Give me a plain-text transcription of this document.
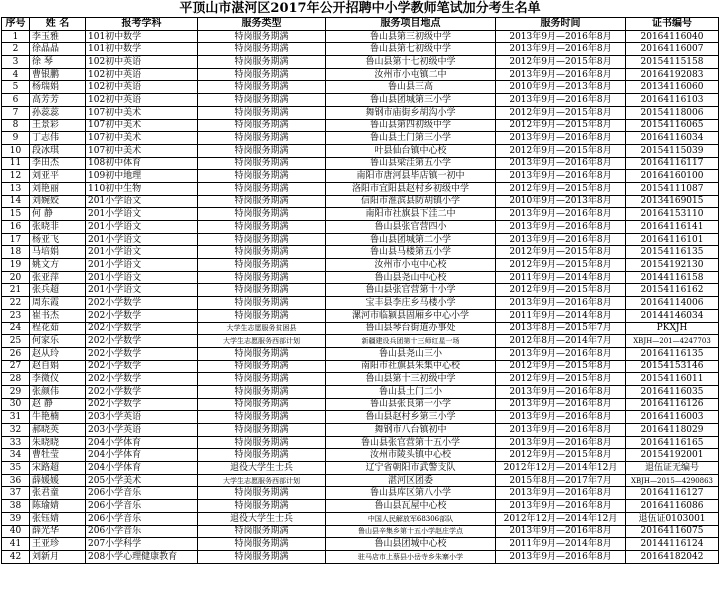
平顶山市湛河区2017年公开招聘中小学教师笔试加分考生名单
序号	姓 名	报考学科	服务类型	服务项目地点	服务时间	证书编号
1	李玉雅	101初中数学	特岗服务期满	鲁山县第三初级中学	2013年9月—2016年8月	20164116040
2	徐晶晶	101初中数学	特岗服务期满	鲁山县第七初级中学	2013年9月—2016年8月	20164116007
3	徐 琴	102初中英语	特岗服务期满	鲁山县第十七初级中学	2012年9月—2015年8月	20154115158
4	曹银鹏	102初中英语	特岗服务期满	汝州市小屯镇二中	2013年9月—2016年8月	20164192083
5	杨瑞娟	102初中英语	特岗服务期满	鲁山县三高	2010年9月—2013年8月	20134116060
6	高芳芳	102初中英语	特岗服务期满	鲁山县团城第三小学	2013年9月—2016年8月	20164116103
7	孙蕊蕊	107初中美术	特岗服务期满	舞钢市庙街乡胡沟小学	2012年9月—2015年8月	20154118006
8	王景彩	107初中美术	特岗服务期满	鲁山县第四初级中学	2012年9月—2015年8月	20154116065
9	丁志伟	107初中美术	特岗服务期满	鲁山县土门第三小学	2013年9月—2016年8月	20164116034
10	段冰琪	107初中美术	特岗服务期满	叶县仙台镇中心校	2012年9月—2015年8月	20154115039
11	李田杰	108初中体育	特岗服务期满	鲁山县梁洼第五小学	2013年9月—2016年8月	20164116117
12	刘亚平	109初中地理	特岗服务期满	南阳市唐河县毕店镇一初中	2013年9月—2016年8月	20164160100
13	刘艳丽	110初中生物	特岗服务期满	洛阳市宜阳县赵村乡初级中学	2012年9月—2015年8月	20154111087
14	刘婉姣	201小学语文	特岗服务期满	信阳市淮滨县防胡镇小学	2010年9月—2013年8月	20134169015
15	何 静	201小学语文	特岗服务期满	南阳市社旗县下洼二中	2013年9月—2016年8月	20164153110
16	张晓非	201小学语文	特岗服务期满	鲁山县张官营四小	2013年9月—2016年8月	20164116141
17	杨亚飞	201小学语文	特岗服务期满	鲁山县团城第二小学	2013年9月—2016年8月	20164116101
18	马培娟	201小学语文	特岗服务期满	鲁山县马楼第五小学	2012年9月—2015年8月	20154116135
19	姚文方	201小学语文	特岗服务期满	汝州市小屯中心校	2012年9月—2015年8月	20154192130
20	张亚萍	201小学语文	特岗服务期满	鲁山县尧山中心校	2011年9月—2014年8月	20144116158
21	张兵超	201小学语文	特岗服务期满	鲁山县张官营第十小学	2012年9月—2015年8月	20154116162
22	周东霞	202小学数学	特岗服务期满	宝丰县李庄乡马楼小学	2013年9月—2016年8月	20164114006
23	崔书杰	202小学数学	特岗服务期满	漯河市临颍县固厢乡中心小学	2011年9月—2014年8月	20144146034
24	程花茹	202小学数学	大学生志愿服务贫困县	鲁山县琴台街道办事处	2013年8月—2015年7月	PKXJH
25	何家乐	202小学数学	大学生志愿服务西部计划	新疆建设兵团第十三师红星一场	2012年8月—2014年7月	XBJH—201—4247703
26	赵从玲	202小学数学	特岗服务期满	鲁山县尧山三小	2013年9月—2016年8月	20164116135
27	赵自娟	202小学数学	特岗服务期满	南阳市社旗县朱集中心校	2012年9月—2015年8月	20154153146
28	李微仪	202小学数学	特岗服务期满	鲁山县第十三初级中学	2012年9月—2015年8月	20154116011
29	张颜伟	202小学数学	特岗服务期满	鲁山县土门二小	2013年9月—2016年8月	20164116035
30	赵 静	202小学数学	特岗服务期满	鲁山县张良第一小学	2013年9月—2016年8月	20164116126
31	牛艳楠	203小学英语	特岗服务期满	鲁山县赵村乡第三小学	2013年9月—2016年8月	20164116003
32	郝晓英	203小学英语	特岗服务期满	舞钢市八台镇初中	2013年9月—2016年8月	20164118029
33	朱晓晓	204小学体育	特岗服务期满	鲁山县张官营第十五小学	2013年9月—2016年8月	20164116165
34	曹牡莹	204小学体育	特岗服务期满	汝州市陵头镇中心校	2012年9月—2015年8月	20154192001
35	宋路超	204小学体育	退役大学生士兵	辽宁省朝阳市武警支队	2012年12月—2014年12月	退伍证无编号
36	薛媛媛	205小学美术	大学生志愿服务西部计划	湛河区团委	2015年8月—2017年7月	XBJH—2015—4290863
37	张君童	206小学音乐	特岗服务期满	鲁山县库区第八小学	2013年9月—2016年8月	20164116127
38	陈瑜婧	206小学音乐	特岗服务期满	鲁山县瓦屋中心校	2013年9月—2016年8月	20164116086
39	张钰婧	206小学音乐	退役大学生士兵	中国人民解放军68306部队	2012年12月—2014年12月	退伍证0103001
40	薛光华	206小学音乐	特岗服务期满	鲁山县辛集乡第十五小学赵庄学点	2013年9月—2016年8月	20164116075
41	王亚珍	207小学科学	特岗服务期满	鲁山县团城中心校	2011年9月—2014年8月	20144116124
42	刘新月	208小学心理健康教育	特岗服务期满	驻马店市上蔡县小岳寺乡朱寨小学	2013年9月—2016年8月	20164182042
